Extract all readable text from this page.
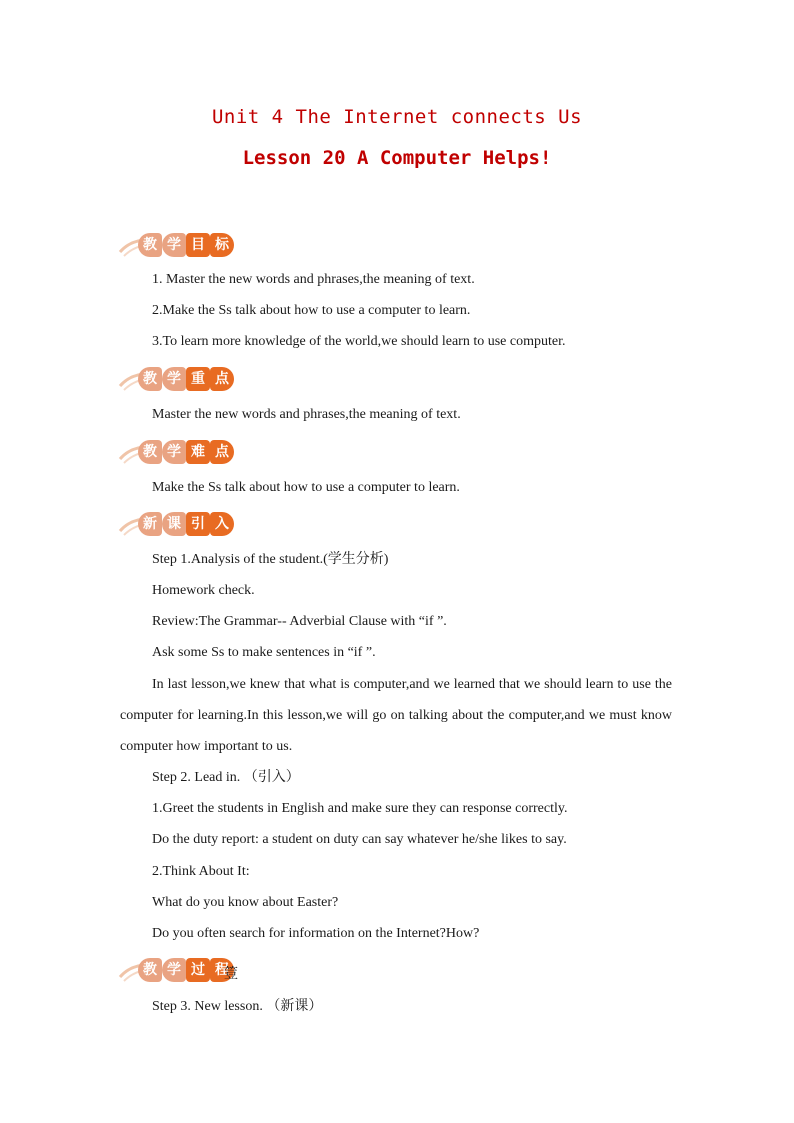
Unit 4 The Internet connects Us
Lesson 20 A Computer Helps!
教 学 目 标
1. Master the new words and phrases,the meaning of text.
2.Make the Ss talk about how to use a computer to learn.
3.To learn more knowledge of the world,we should learn to use computer.
教 学 重 点
Master the new words and phrases,the meaning of text.
教 学 难 点
Make the Ss talk about how to use a computer to learn.
新 课 引 入
Step 1.Analysis of the student.(学生分析)
Homework check.
Review:The Grammar-- Adverbial Clause with “if ”.
Ask some Ss to make sentences in “if ”.
In last lesson,we knew that what is computer,and we learned that we should learn to use the computer for learning.In this lesson,we will go on talking about the computer,and we must know computer how important to us.
Step 2. Lead in. （引入）
1.Greet the students in English and make sure they can response correctly.
Do the duty report: a student on duty can say whatever he/she likes to say.
2.Think About It:
What do you know about Easter?
Do you often search for information on the Internet?How?
教 学 过 程
䇺
Step 3. New lesson. （新课）
